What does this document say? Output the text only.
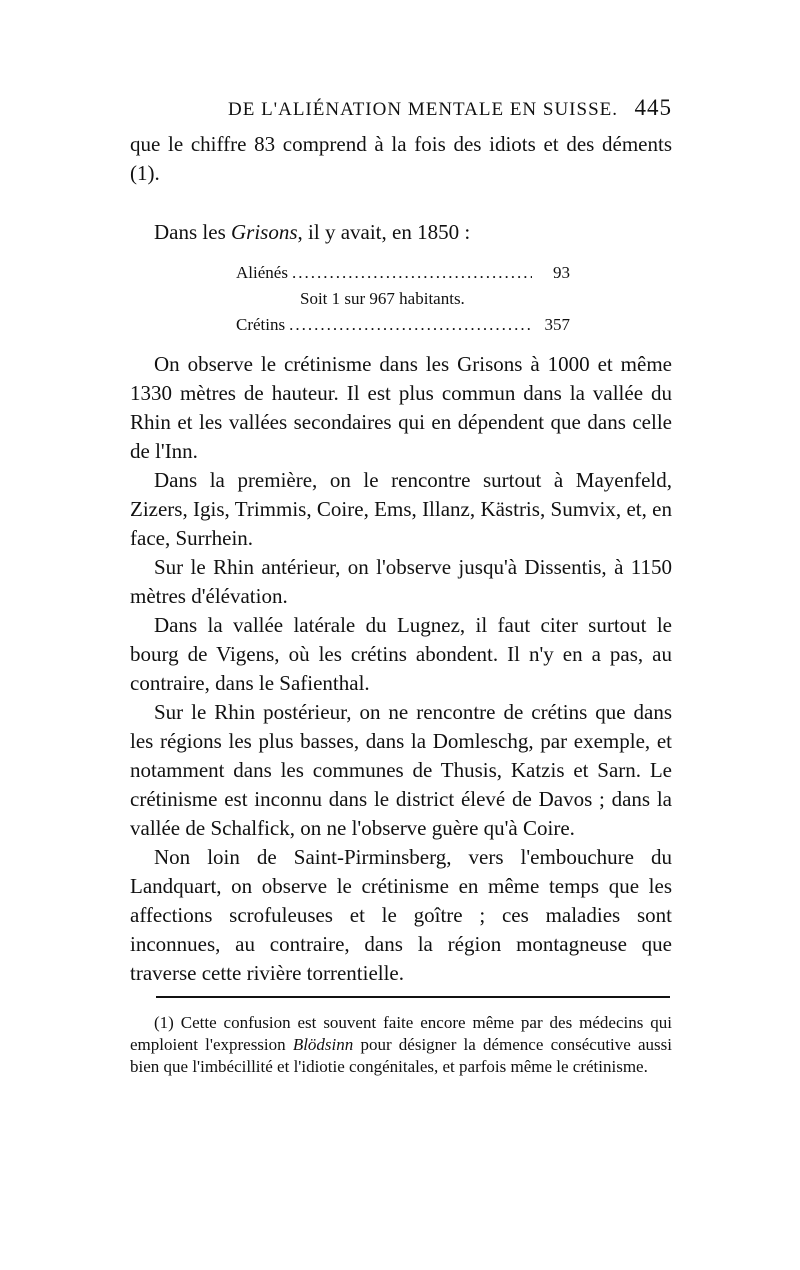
DE L'ALIÉNATION MENTALE EN SUISSE. 445

que le chiffre 83 comprend à la fois des idiots et des déments (1).

Dans les Grisons, il y avait, en 1850 :

Aliénés .....	93
Soit 1 sur 967 habitants.
Crétins .....	357

On observe le crétinisme dans les Grisons à 1000 et même 1330 mètres de hauteur. Il est plus commun dans la vallée du Rhin et les vallées secondaires qui en dépendent que dans celle de l'Inn.

Dans la première, on le rencontre surtout à Mayenfeld, Zizers, Igis, Trimmis, Coire, Ems, Illanz, Kästris, Sumvix, et, en face, Surrhein.

Sur le Rhin antérieur, on l'observe jusqu'à Dissentis, à 1150 mètres d'élévation.

Dans la vallée latérale du Lugnez, il faut citer surtout le bourg de Vigens, où les crétins abondent. Il n'y en a pas, au contraire, dans le Safienthal.

Sur le Rhin postérieur, on ne rencontre de crétins que dans les régions les plus basses, dans la Domleschg, par exemple, et notamment dans les communes de Thusis, Katzis et Sarn. Le crétinisme est inconnu dans le district élevé de Davos ; dans la vallée de Schalfick, on ne l'observe guère qu'à Coire.

Non loin de Saint-Pirminsberg, vers l'embouchure du Landquart, on observe le crétinisme en même temps que les affections scrofuleuses et le goître ; ces maladies sont inconnues, au contraire, dans la région montagneuse que traverse cette rivière torrentielle.

(1) Cette confusion est souvent faite encore même par des médecins qui emploient l'expression Blödsinn pour désigner la démence consécutive aussi bien que l'imbécillité et l'idiotie congénitales, et parfois même le crétinisme.
